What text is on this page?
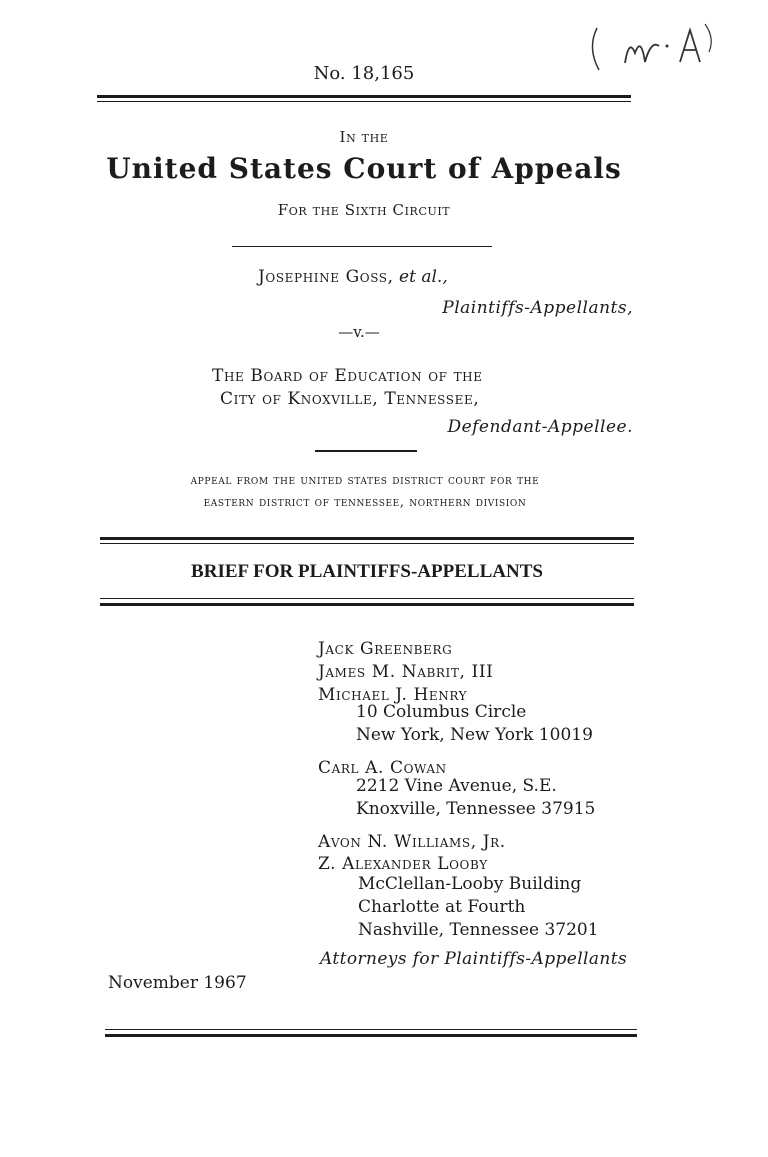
No. 18,165
In the
United States Court of Appeals
For the Sixth Circuit
Josephine Goss, et al.,
Plaintiffs-Appellants,
—v.—
The Board of Education of the
City of Knoxville, Tennessee,
Defendant-Appellee.
appeal from the united states district court for the
eastern district of tennessee, northern division
BRIEF FOR PLAINTIFFS-APPELLANTS
Jack Greenberg
James M. Nabrit, III
Michael J. Henry
10 Columbus Circle
New York, New York 10019
Carl A. Cowan
2212 Vine Avenue, S.E.
Knoxville, Tennessee 37915
Avon N. Williams, Jr.
Z. Alexander Looby
McClellan-Looby Building
Charlotte at Fourth
Nashville, Tennessee 37201
Attorneys for Plaintiffs-Appellants
November 1967
